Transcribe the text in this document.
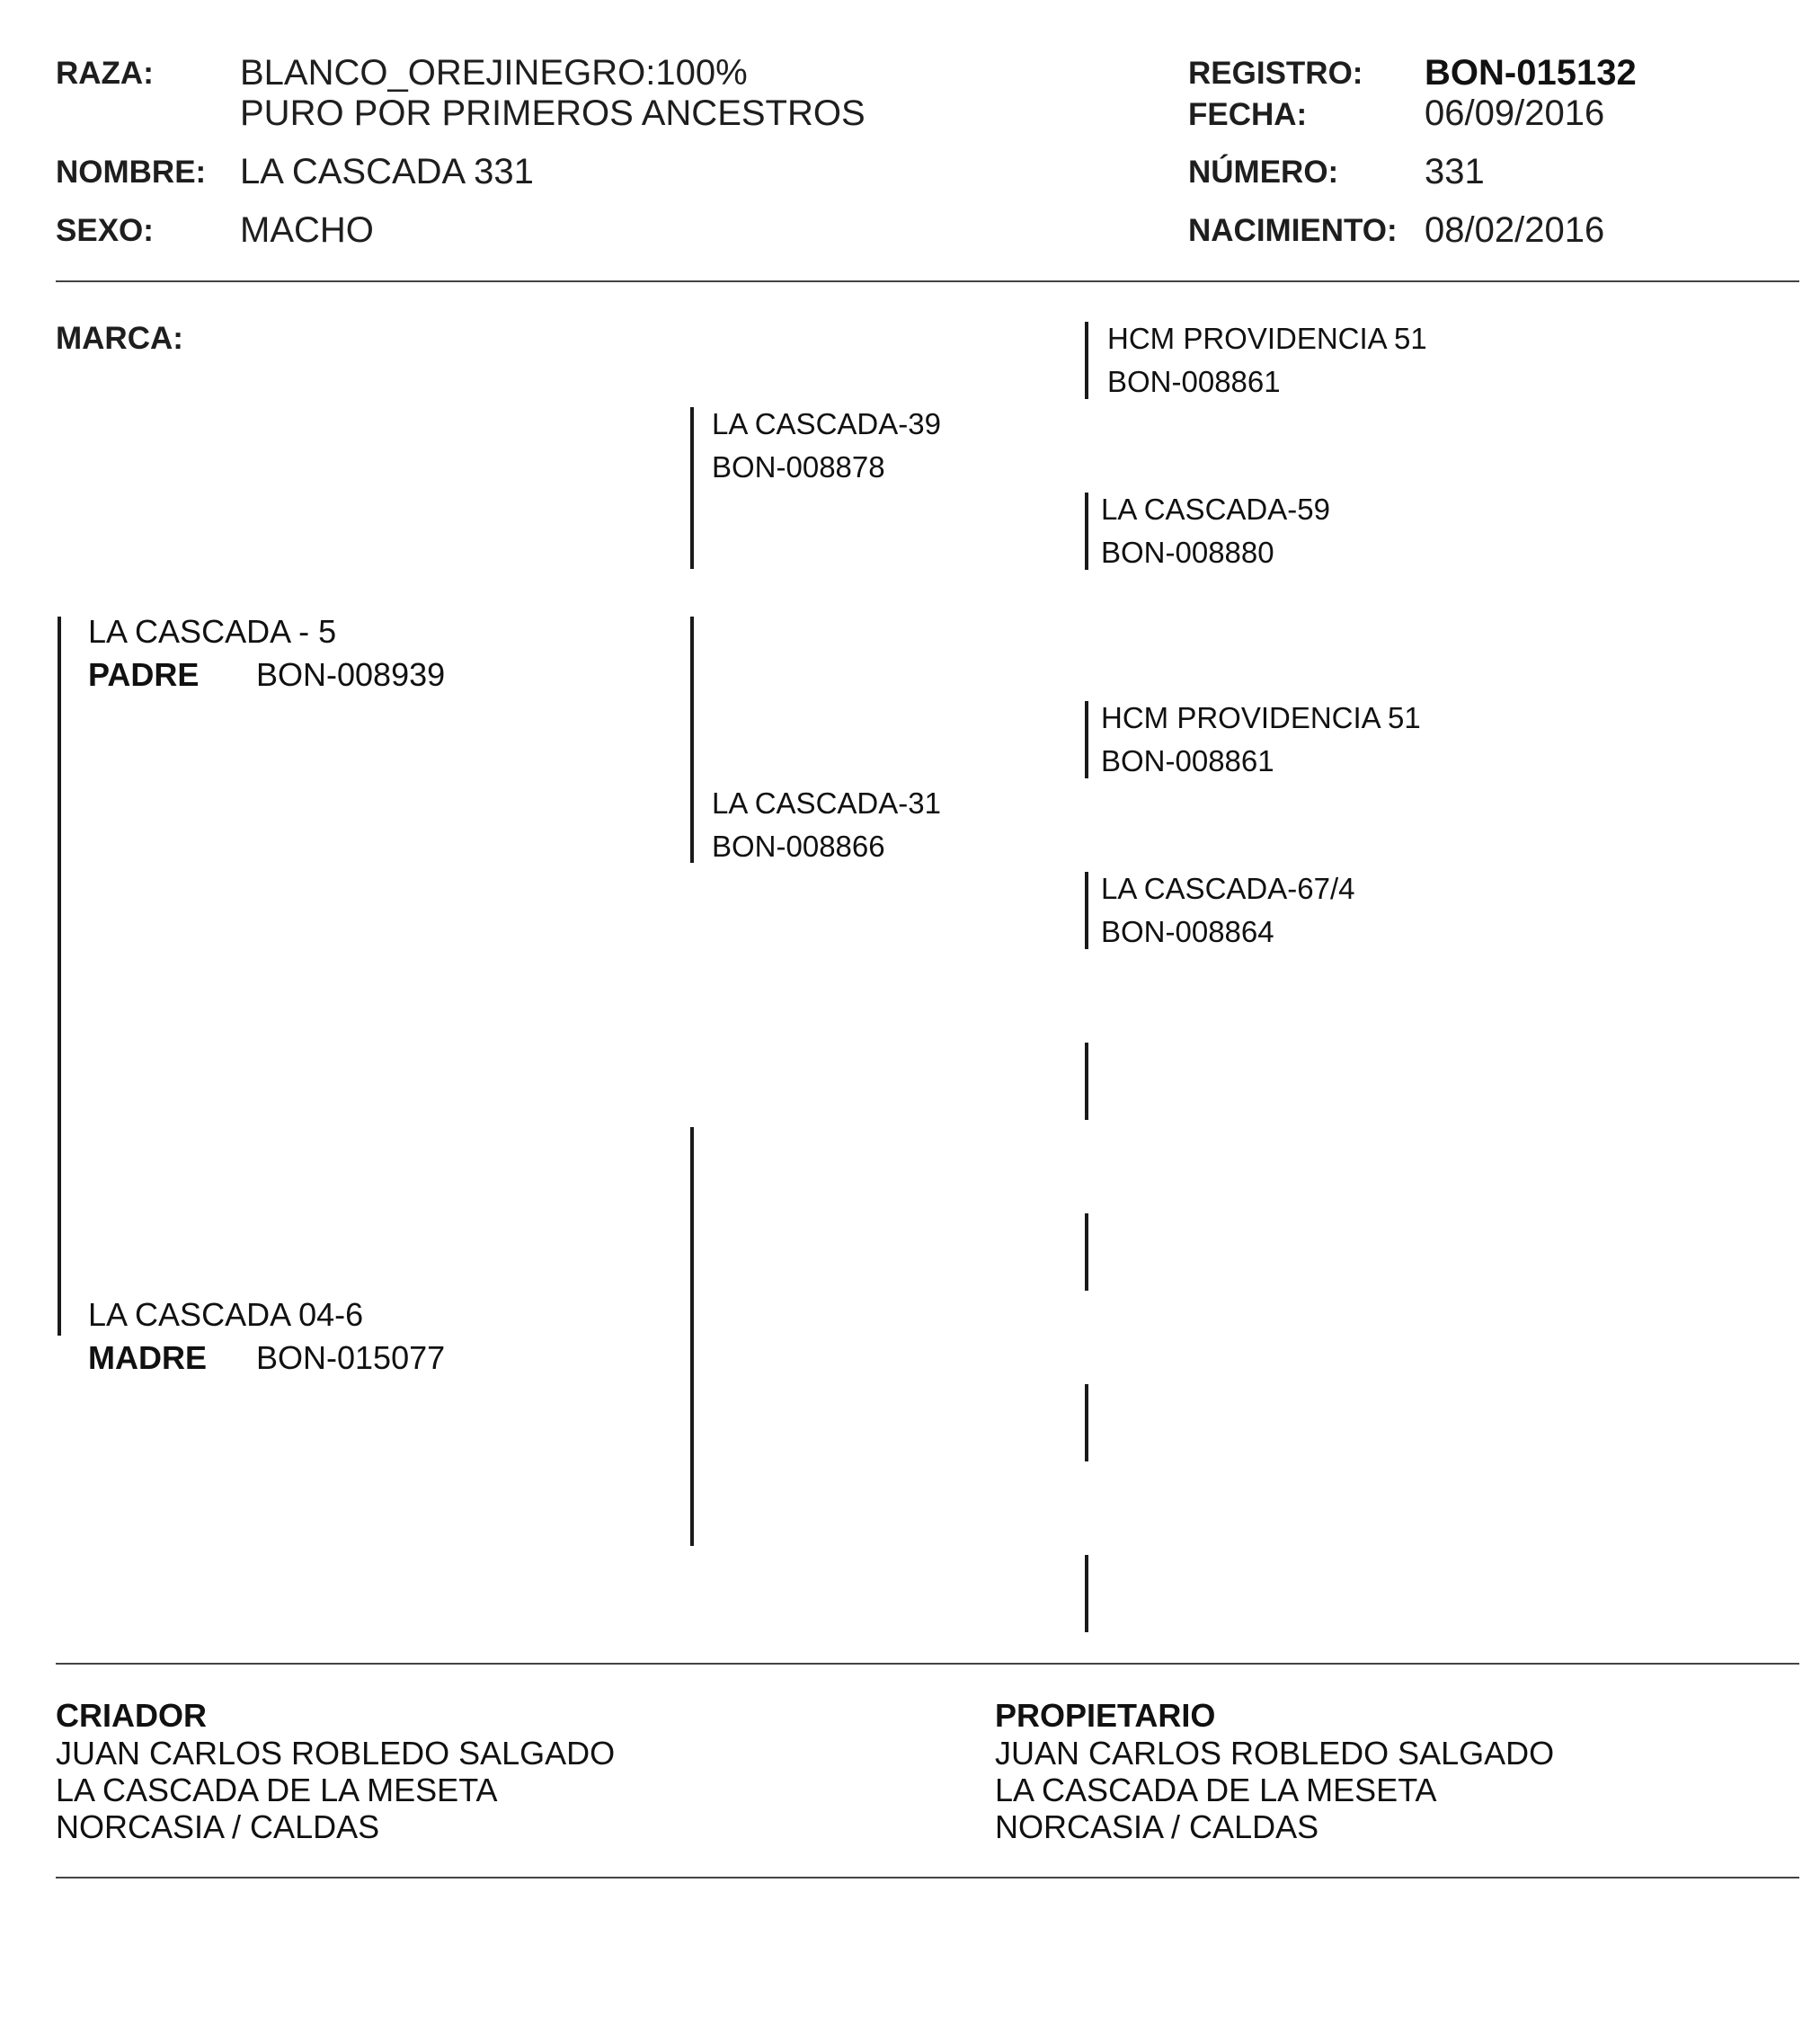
RAZA: BLANCO_OREJINEGRO:100%
PURO POR PRIMEROS ANCESTROS
NOMBRE: LA CASCADA 331
SEXO: MACHO
REGISTRO: BON-015132
FECHA:	06/09/2016
NÚMERO: 331
NACIMIENTO: 08/02/2016
MARCA:
LA CASCADA - 5
PADRE BON-008939
LA CASCADA 04-6
MADRE BON-015077
LA CASCADA-39
BON-008878
LA CASCADA-31
BON-008866
HCM PROVIDENCIA 51
BON-008861
LA CASCADA-59
BON-008880
HCM PROVIDENCIA 51
BON-008861
LA CASCADA-67/4
BON-008864
CRIADOR
JUAN CARLOS ROBLEDO SALGADO
LA CASCADA DE LA MESETA
NORCASIA / CALDAS
PROPIETARIO
JUAN CARLOS ROBLEDO SALGADO
LA CASCADA DE LA MESETA
NORCASIA / CALDAS
